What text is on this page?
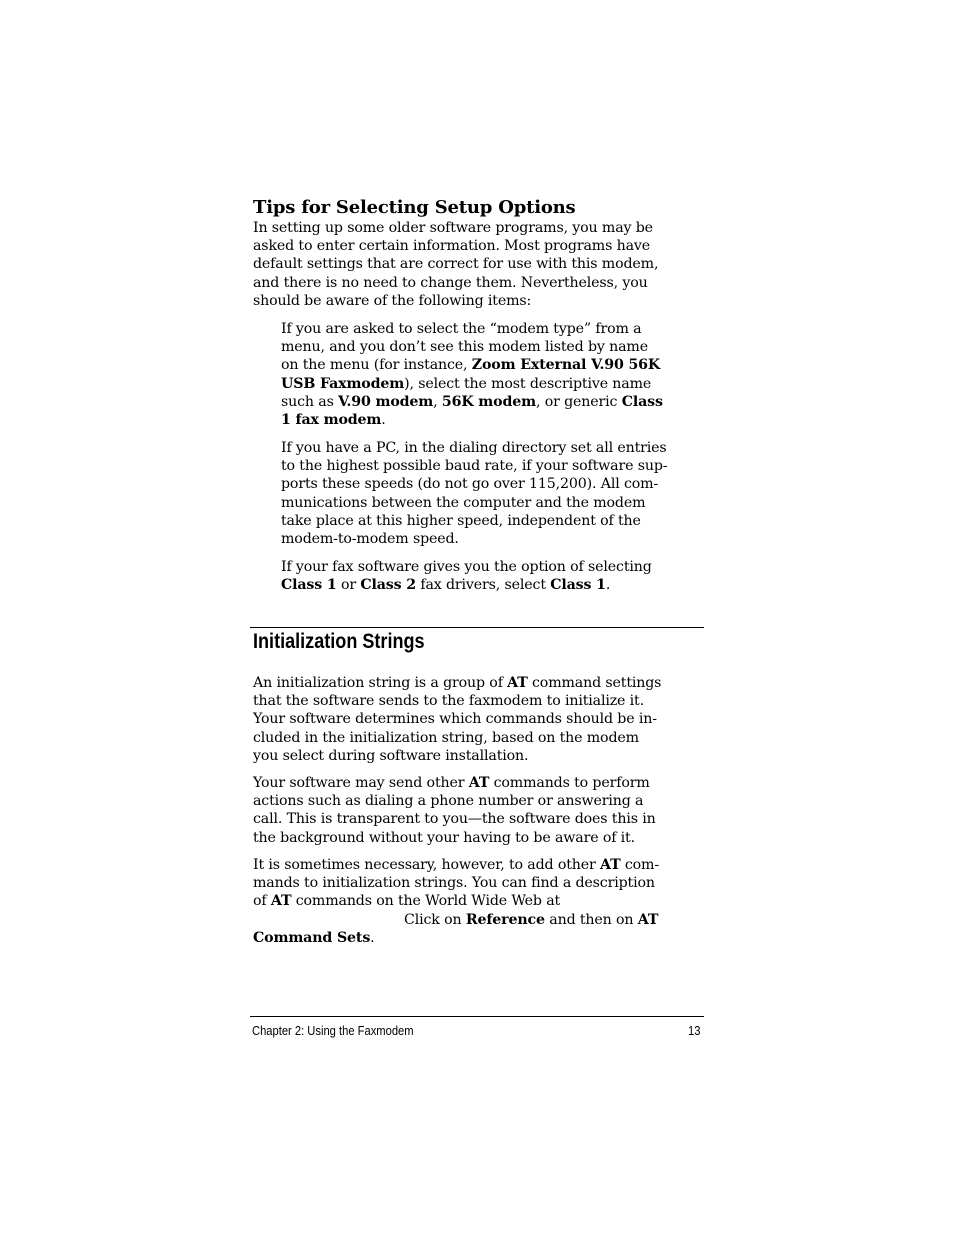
Tips for Selecting Setup Options

In setting up some older software programs, you may be
asked to enter certain information. Most programs have
default settings that are correct for use with this modem,
and there is no need to change them. Nevertheless, you
should be aware of the following items:

If you are asked to select the “modem type” from a
menu, and you don’t see this modem listed by name
on the menu (for instance, Zoom External V.90 56K
USB Faxmodem), select the most descriptive name
such as V.90 modem, 56K modem, or generic Class
1 fax modem.

If you have a PC, in the dialing directory set all entries
to the highest possible baud rate, if your software sup-
ports these speeds (do not go over 115,200). All com-
munications between the computer and the modem
take place at this higher speed, independent of the
modem-to-modem speed.

If your fax software gives you the option of selecting
Class 1 or Class 2 fax drivers, select Class 1.

Initialization Strings

An initialization string is a group of AT command settings
that the software sends to the faxmodem to initialize it.
Your software determines which commands should be in-
cluded in the initialization string, based on the modem
you select during software installation.

Your software may send other AT commands to perform
actions such as dialing a phone number or answering a
call. This is transparent to you—the software does this in
the background without your having to be aware of it.

It is sometimes necessary, however, to add other AT com-
mands to initialization strings. You can find a description
of AT commands on the World Wide Web at
Click on Reference and then on AT
Command Sets.

Chapter 2: Using the Faxmodem	13
